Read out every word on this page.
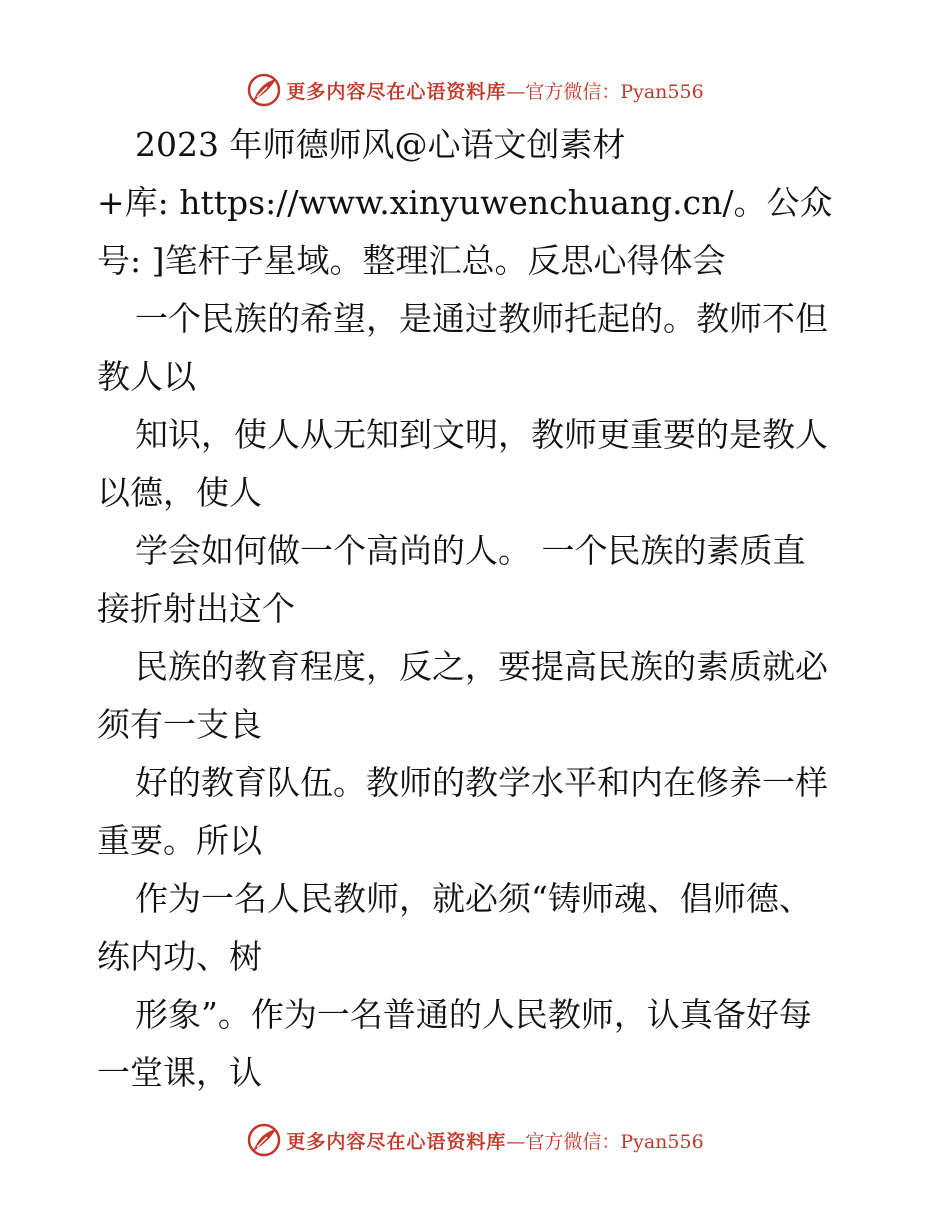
更多内容尽在心语资料库 —官方微信：Pyan556
2023 年师德师风@心语文创素材
+库: https://www.xinyuwenchuang.cn/。公众
号: ]笔杆子星域。整理汇总。反思心得体会
一个民族的希望，是通过教师托起的。教师不但
教人以
知识，使人从无知到文明，教师更重要的是教人
以德，使人
学会如何做一个高尚的人。 一个民族的素质直
接折射出这个
民族的教育程度，反之，要提高民族的素质就必
须有一支良
好的教育队伍。教师的教学水平和内在修养一样
重要。所以
作为一名人民教师，就必须“铸师魂、倡师德、
练内功、树
形象”。作为一名普通的人民教师，认真备好每
一堂课，认
更多内容尽在心语资料库 —官方微信：Pyan556
